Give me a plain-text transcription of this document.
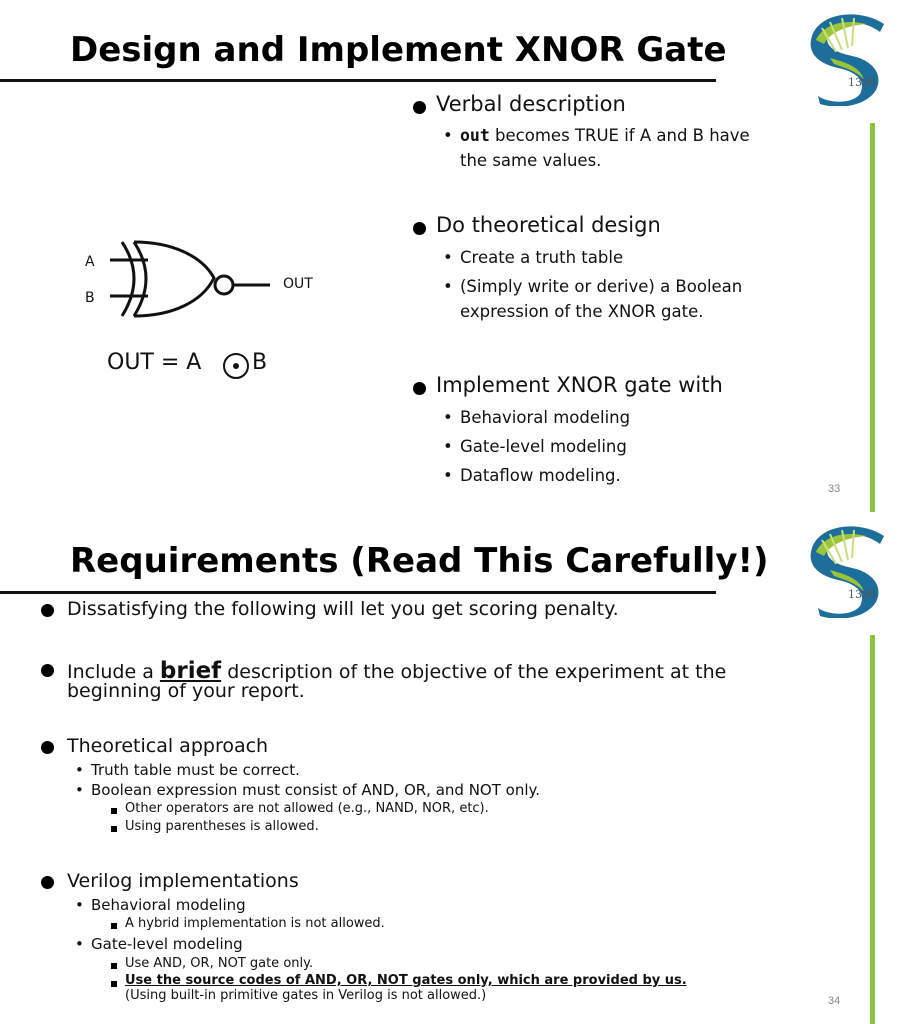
Design and Implement XNOR Gate
1398
A
B
OUT
OUT = A B
Verbal description
• out becomes TRUE if A and B have
the same values.
Do theoretical design
• Create a truth table
• (Simply write or derive) a Boolean
expression of the XNOR gate.
Implement XNOR gate with
• Behavioral modeling
• Gate-level modeling
• Dataflow modeling.
33
Requirements (Read This Carefully!)
1398
Dissatisfying the following will let you get scoring penalty.
Include a brief description of the objective of the experiment at the
beginning of your report.
Theoretical approach
• Truth table must be correct.
• Boolean expression must consist of AND, OR, and NOT only.
Other operators are not allowed (e.g., NAND, NOR, etc).
Using parentheses is allowed.
Verilog implementations
• Behavioral modeling
A hybrid implementation is not allowed.
• Gate-level modeling
Use AND, OR, NOT gate only.
Use the source codes of AND, OR, NOT gates only, which are provided by us.
(Using built-in primitive gates in Verilog is not allowed.)	34
